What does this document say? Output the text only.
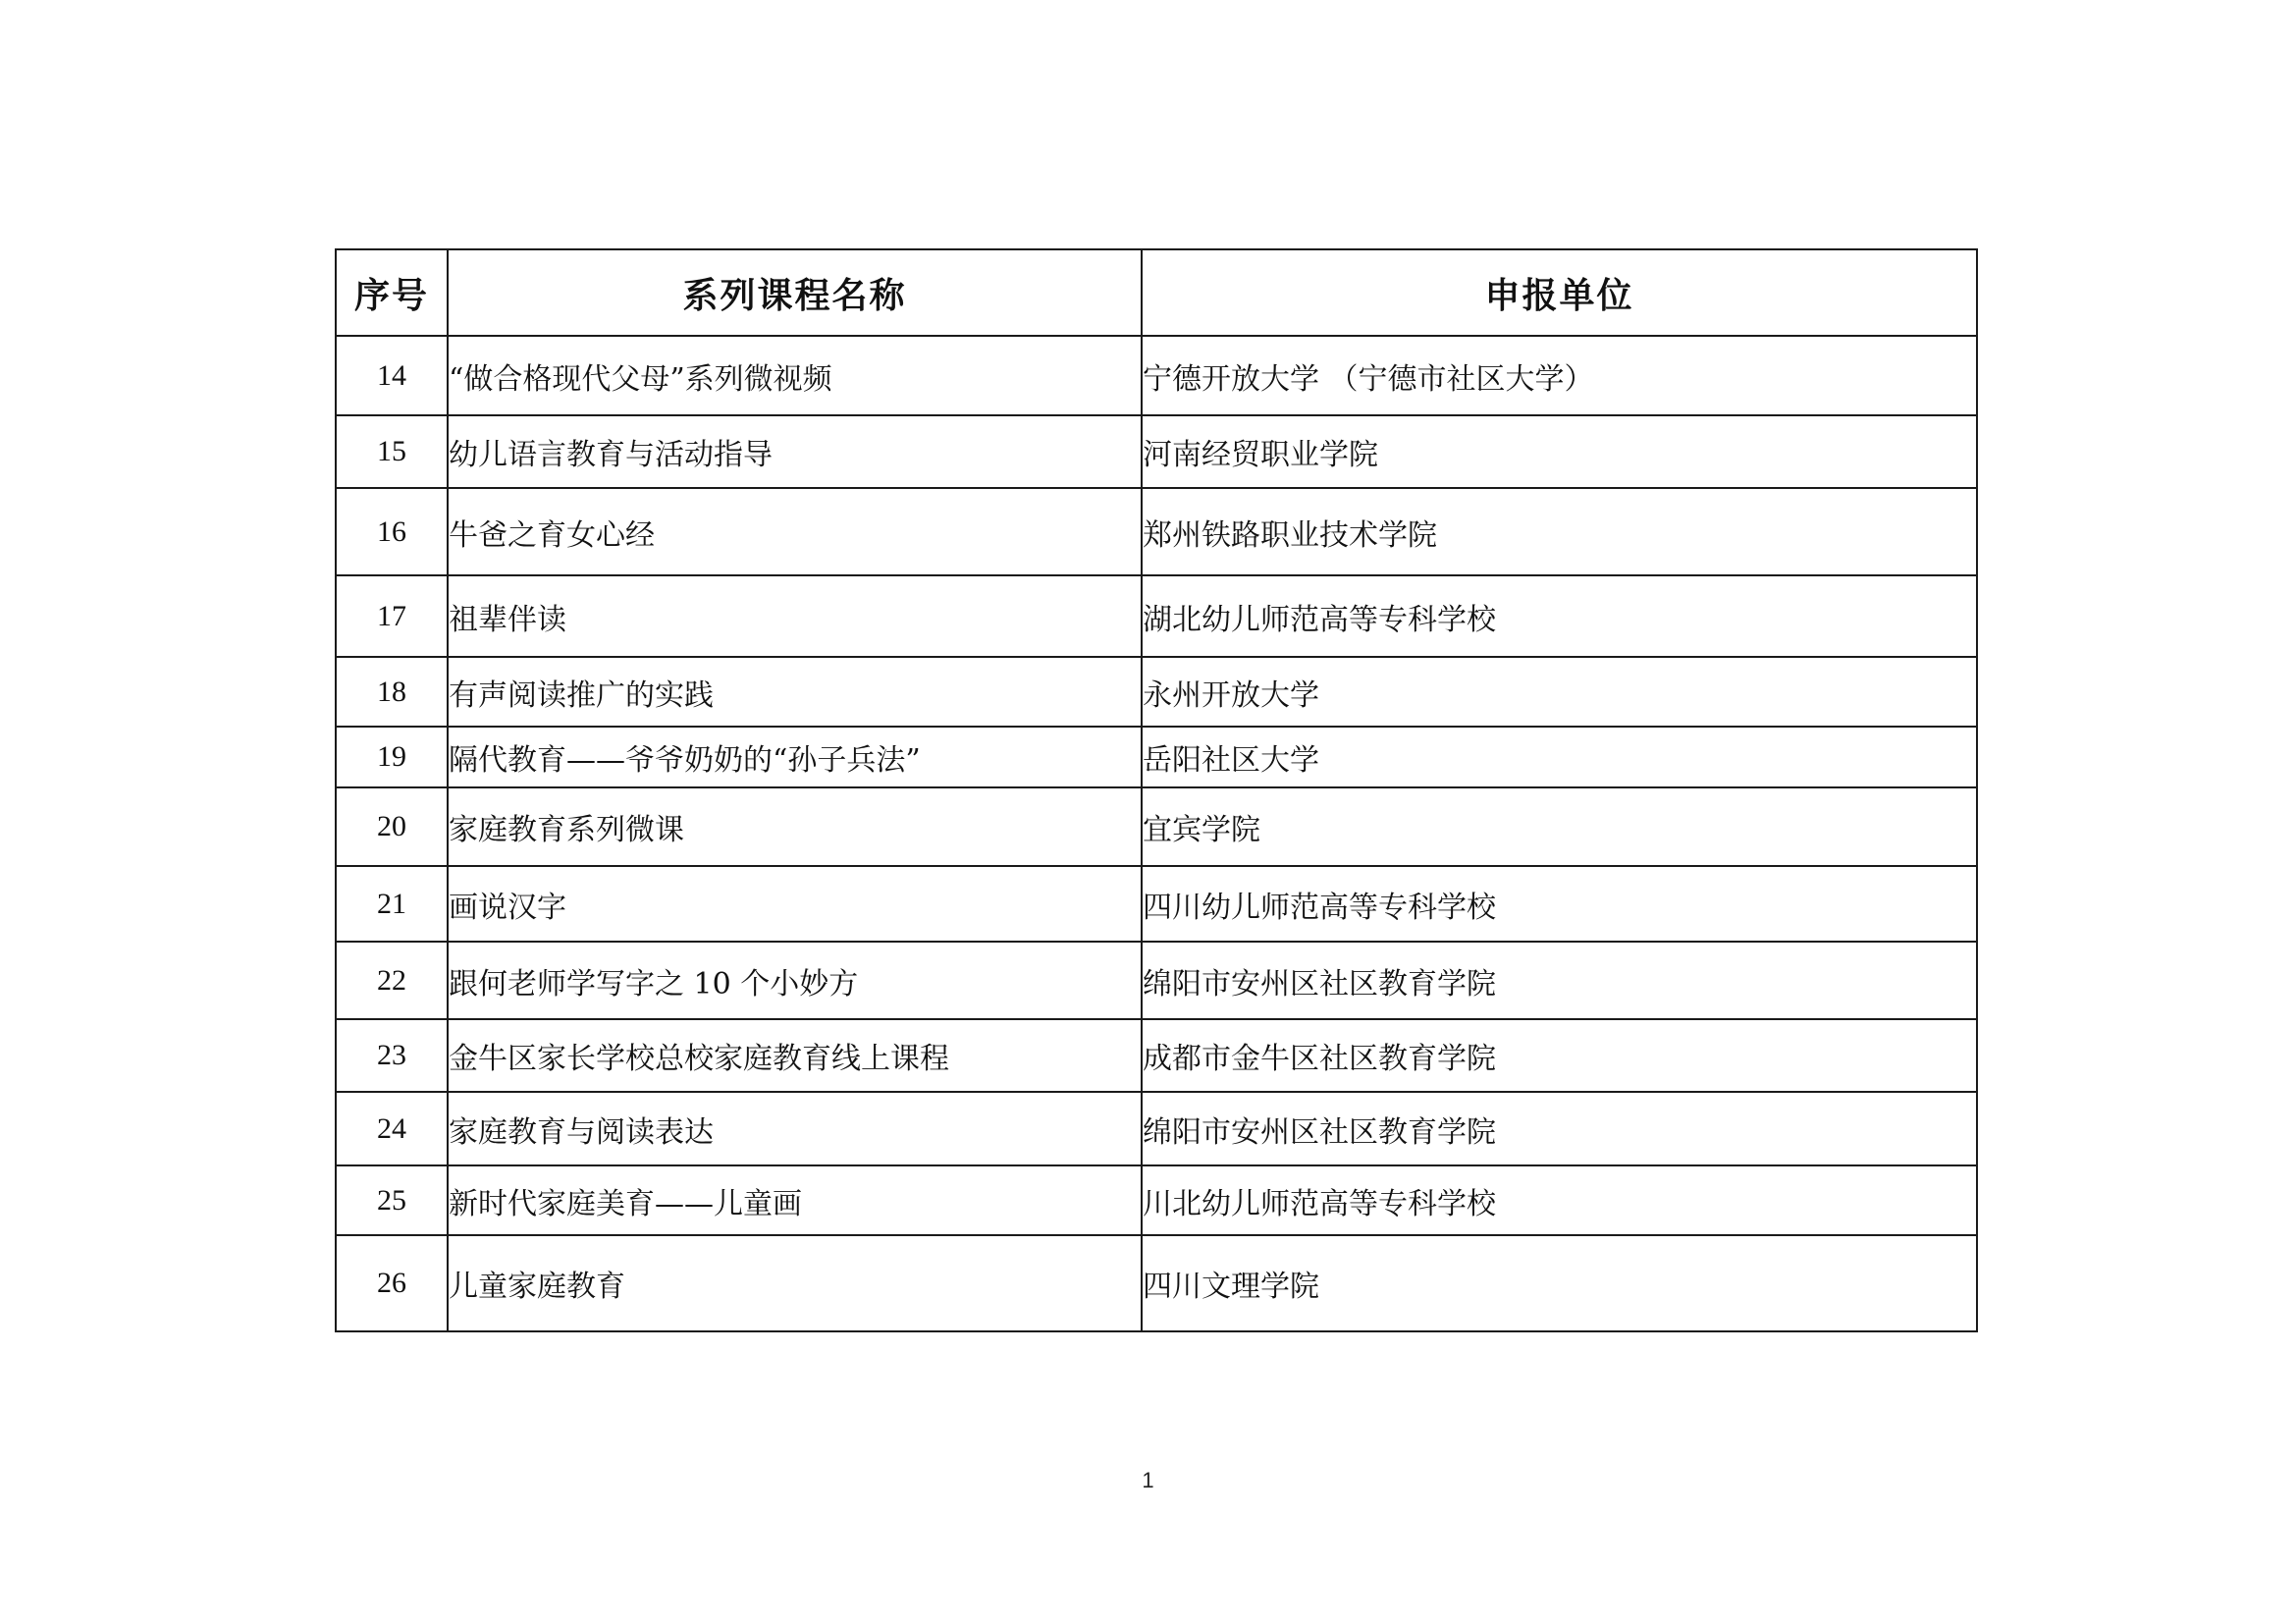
序号	系列课程名称	申报单位
14	“做合格现代父母”系列微视频	宁德开放大学 （宁德市社区大学）
15	幼儿语言教育与活动指导	河南经贸职业学院
16	牛爸之育女心经	郑州铁路职业技术学院
17	祖辈伴读	湖北幼儿师范高等专科学校
18	有声阅读推广的实践	永州开放大学
19	隔代教育——爷爷奶奶的“孙子兵法”	岳阳社区大学
20	家庭教育系列微课	宜宾学院
21	画说汉字	四川幼儿师范高等专科学校
22	跟何老师学写字之 10 个小妙方	绵阳市安州区社区教育学院
23	金牛区家长学校总校家庭教育线上课程	成都市金牛区社区教育学院
24	家庭教育与阅读表达	绵阳市安州区社区教育学院
25	新时代家庭美育——儿童画	川北幼儿师范高等专科学校
26	儿童家庭教育	四川文理学院
1
